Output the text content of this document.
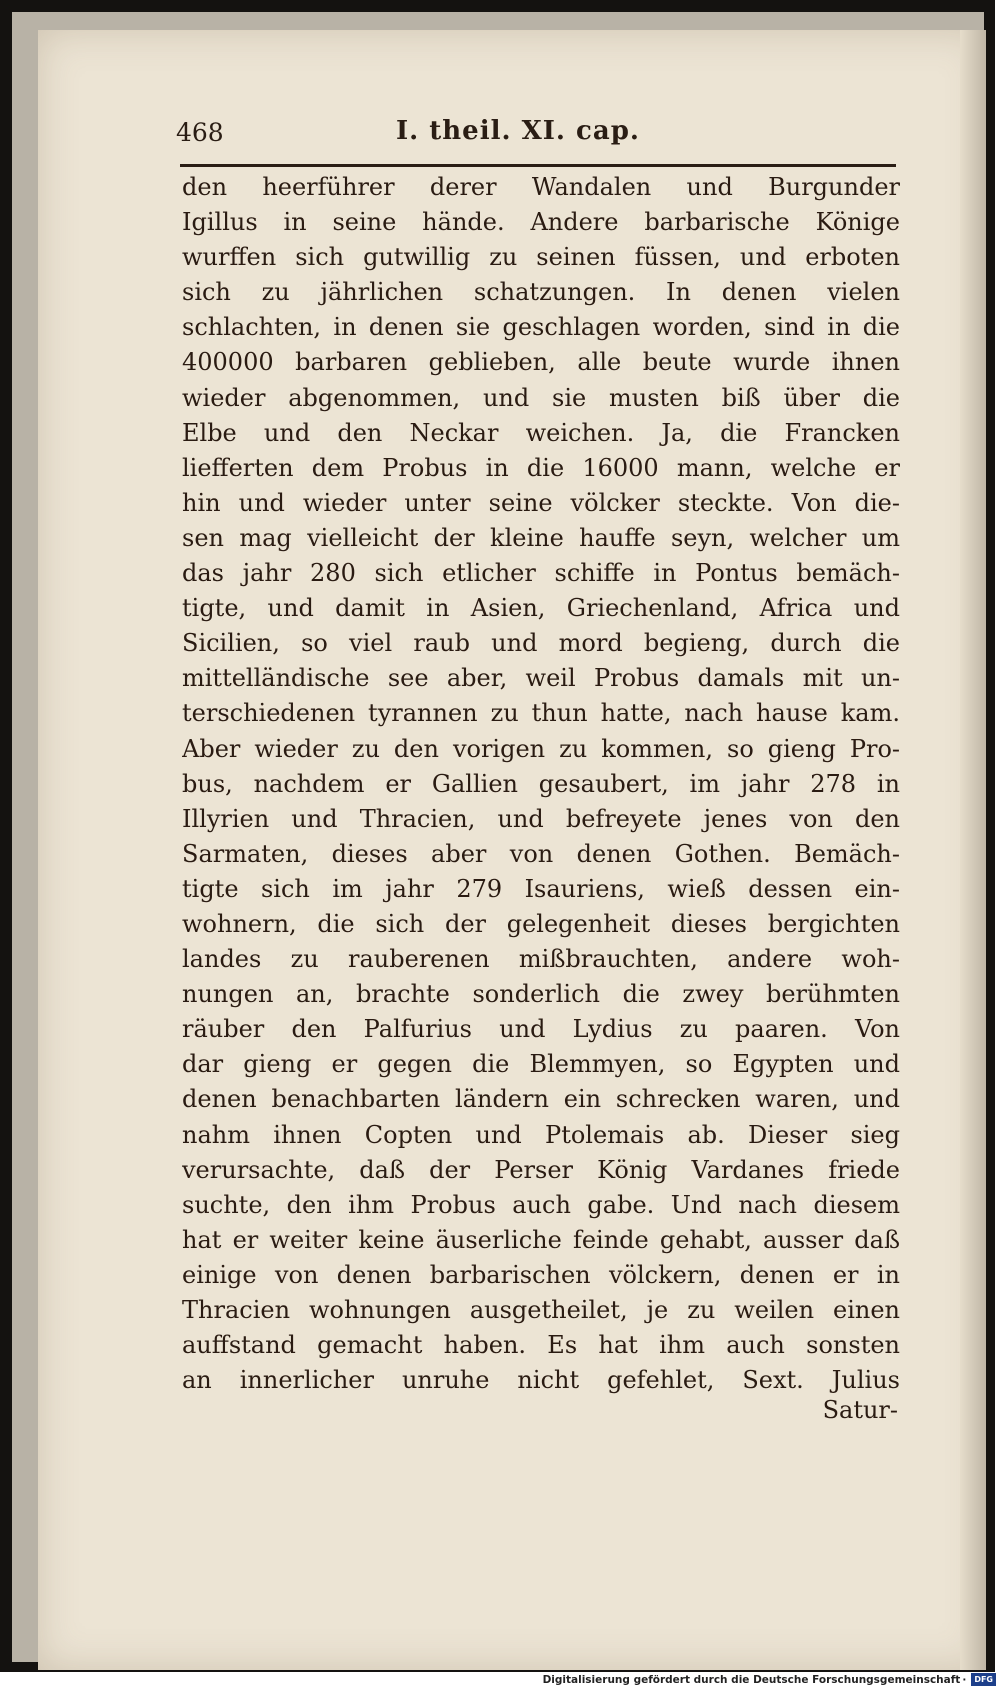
468	I. theil. XI. cap.
den heerführer derer Wandalen und Burgunder
Igillus in seine hände. Andere barbarische Könige
wurffen sich gutwillig zu seinen füssen, und erboten
sich zu jährlichen schatzungen. In denen vielen
schlachten, in denen sie geschlagen worden, sind in die
400000 barbaren geblieben, alle beute wurde ihnen
wieder abgenommen, und sie musten biß über die
Elbe und den Neckar weichen. Ja, die Francken
liefferten dem Probus in die 16000 mann, welche er
hin und wieder unter seine völcker steckte. Von die-
sen mag vielleicht der kleine hauffe seyn, welcher um
das jahr 280 sich etlicher schiffe in Pontus bemäch-
tigte, und damit in Asien, Griechenland, Africa und
Sicilien, so viel raub und mord begieng, durch die
mittelländische see aber, weil Probus damals mit un-
terschiedenen tyrannen zu thun hatte, nach hause kam.
Aber wieder zu den vorigen zu kommen, so gieng Pro-
bus, nachdem er Gallien gesaubert, im jahr 278 in
Illyrien und Thracien, und befreyete jenes von den
Sarmaten, dieses aber von denen Gothen. Bemäch-
tigte sich im jahr 279 Isauriens, wieß dessen ein-
wohnern, die sich der gelegenheit dieses bergichten
landes zu rauberenen mißbrauchten, andere woh-
nungen an, brachte sonderlich die zwey berühmten
räuber den Palfurius und Lydius zu paaren. Von
dar gieng er gegen die Blemmyen, so Egypten und
denen benachbarten ländern ein schrecken waren, und
nahm ihnen Copten und Ptolemais ab. Dieser sieg
verursachte, daß der Perser König Vardanes friede
suchte, den ihm Probus auch gabe. Und nach diesem
hat er weiter keine äuserliche feinde gehabt, ausser daß
einige von denen barbarischen völckern, denen er in
Thracien wohnungen ausgetheilet, je zu weilen einen
auffstand gemacht haben. Es hat ihm auch sonsten
an innerlicher unruhe nicht gefehlet, Sext. Julius
Satur-
Digitalisierung gefördert durch die Deutsche Forschungsgemeinschaft ·	DFG
